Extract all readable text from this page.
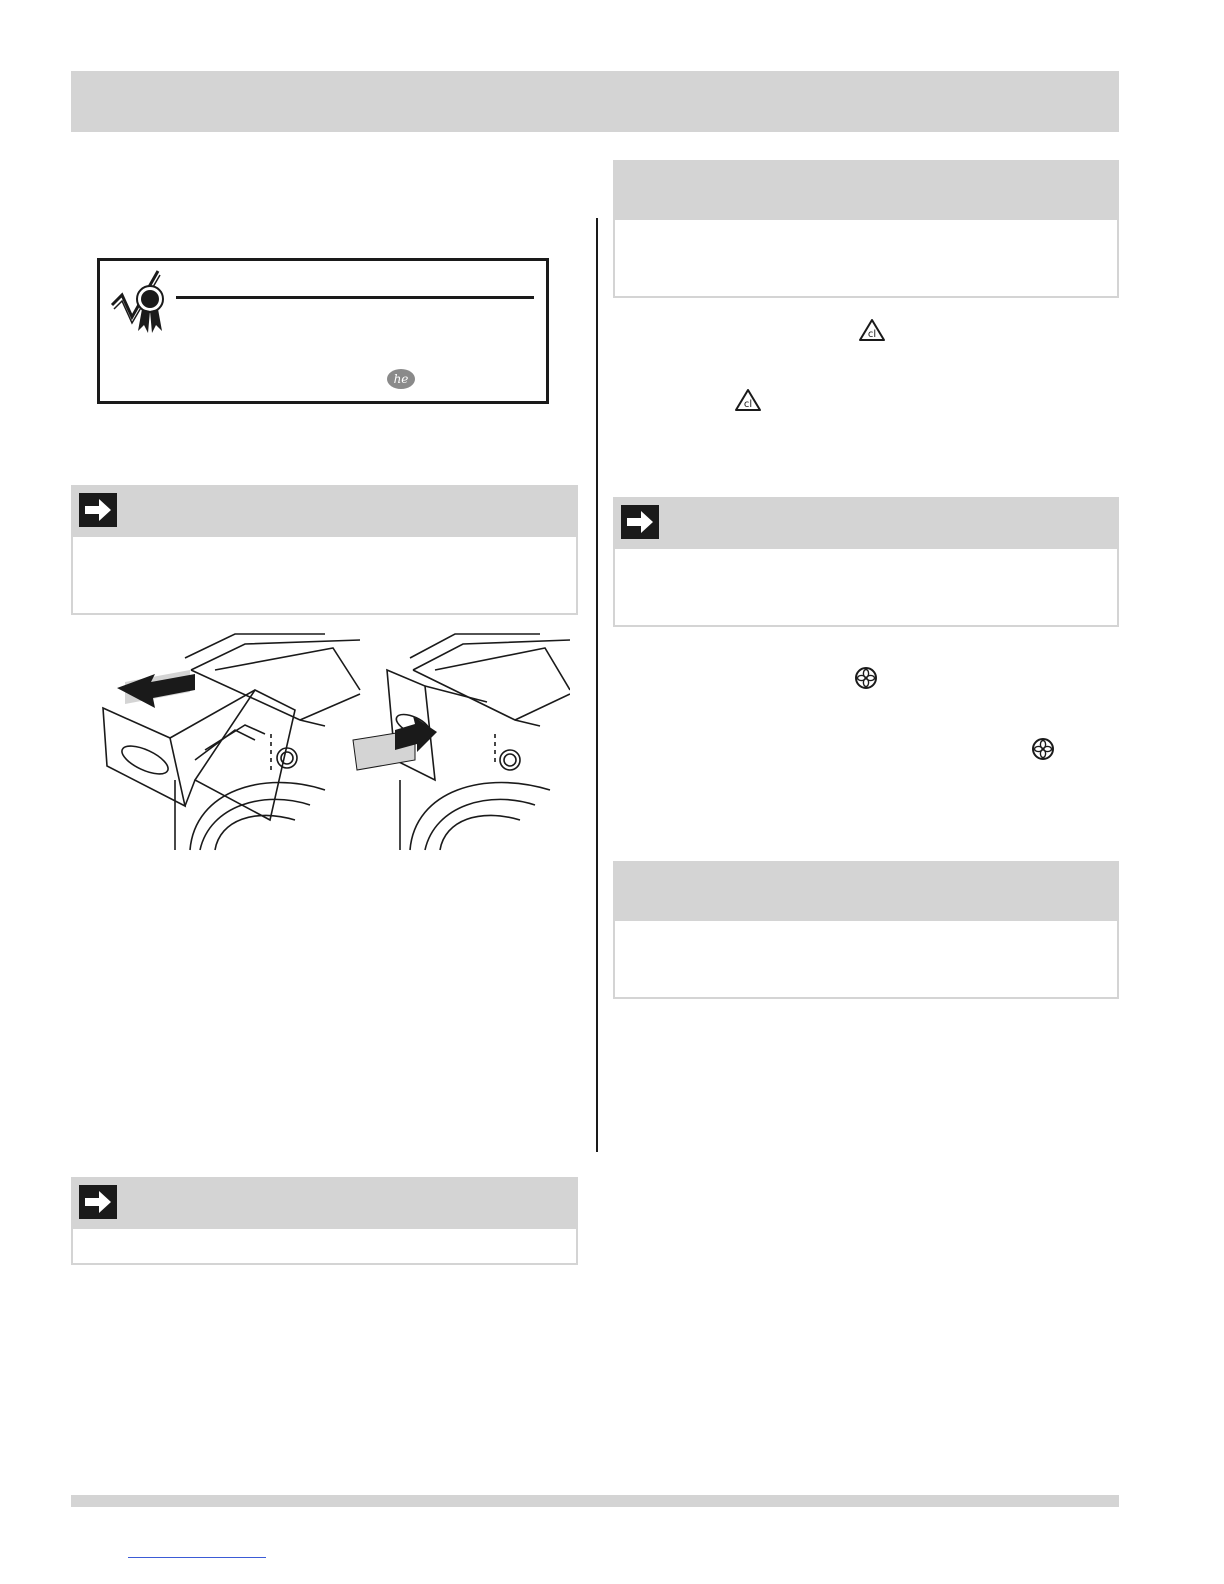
he
cl
cl
